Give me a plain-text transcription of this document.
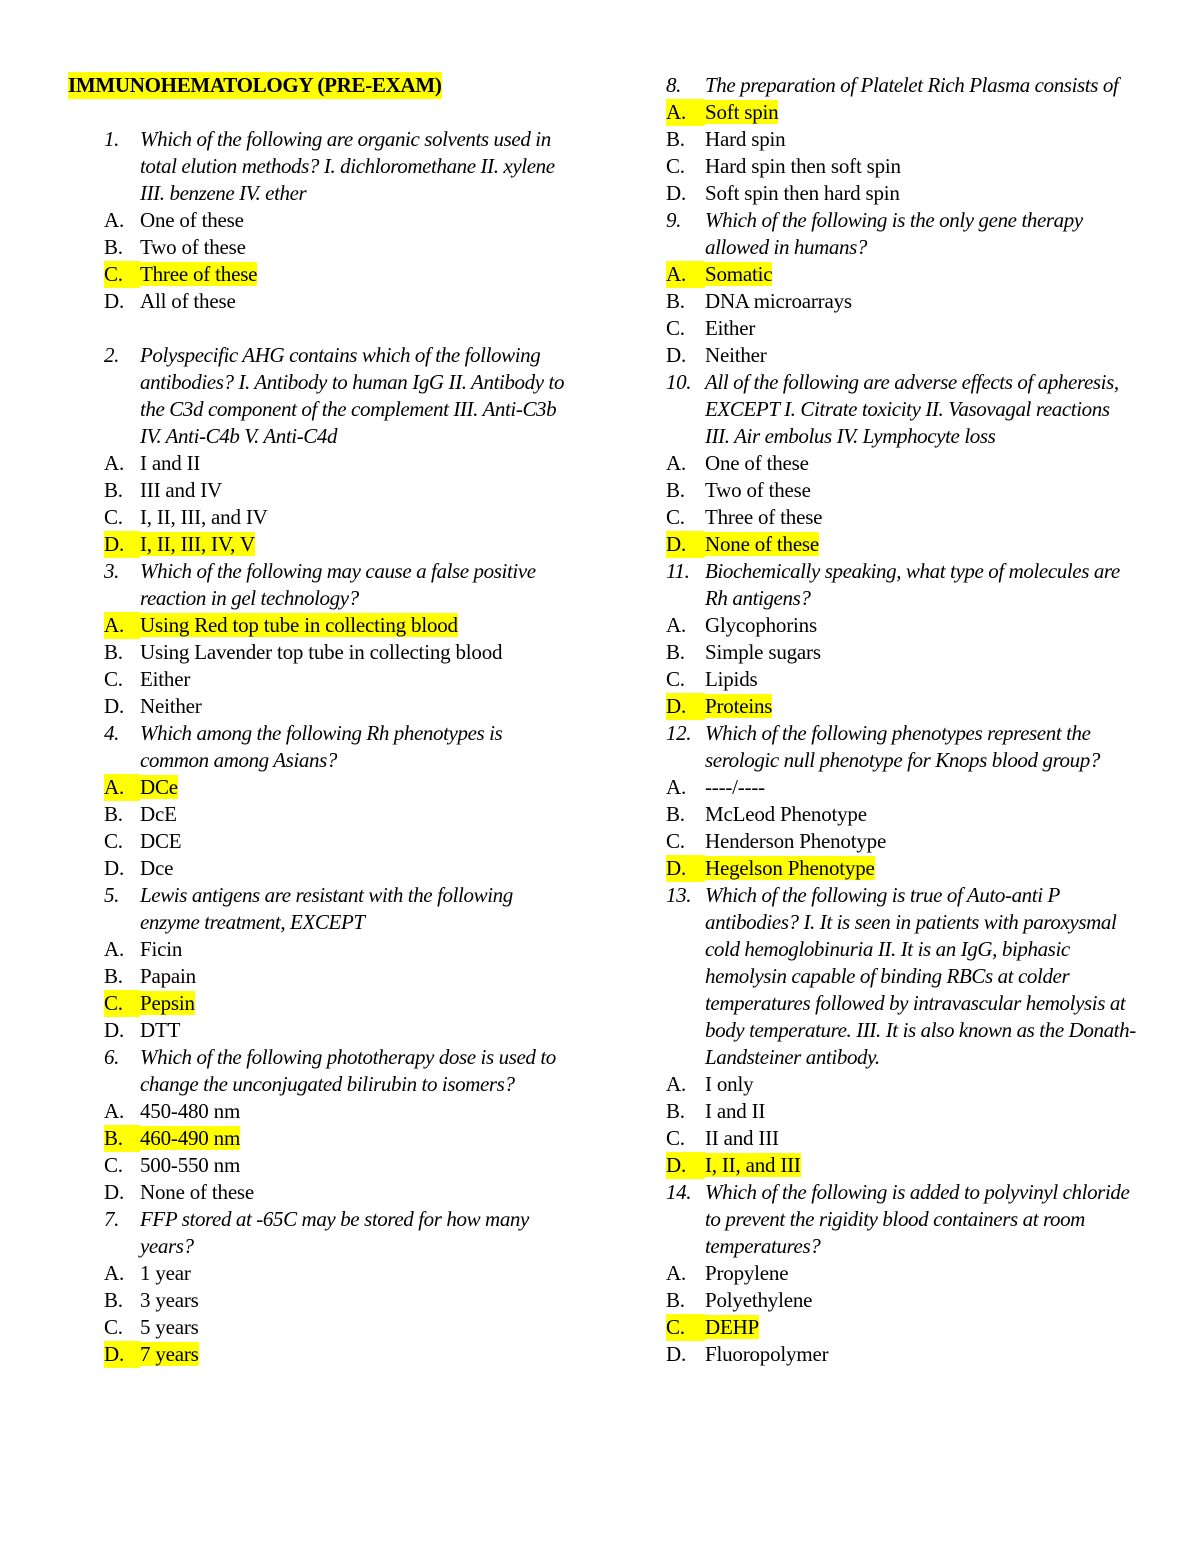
IMMUNOHEMATOLOGY (PRE-EXAM)
1.	Which of the following are organic solvents used in total elution methods? I. dichloromethane II. xylene III. benzene IV. ether
A. One of these
B. Two of these
C. Three of these
D. All of these
2.	Polyspecific AHG contains which of the following antibodies? I. Antibody to human IgG II. Antibody to the C3d component of the complement III. Anti-C3b IV. Anti-C4b V. Anti-C4d
A. I and II
B. III and IV
C. I, II, III, and IV
D. I, II, III, IV, V
3.	Which of the following may cause a false positive reaction in gel technology?
A. Using Red top tube in collecting blood
B. Using Lavender top tube in collecting blood
C. Either
D. Neither
4.	Which among the following Rh phenotypes is common among Asians?
A. DCe
B. DcE
C. DCE
D. Dce
5.	Lewis antigens are resistant with the following enzyme treatment, EXCEPT
A. Ficin
B. Papain
C. Pepsin
D. DTT
6.	Which of the following phototherapy dose is used to change the unconjugated bilirubin to isomers?
A. 450-480 nm
B. 460-490 nm
C. 500-550 nm
D. None of these
7.	FFP stored at -65C may be stored for how many years?
A. 1 year
B. 3 years
C. 5 years
D. 7 years
8.	The preparation of Platelet Rich Plasma consists of
A. Soft spin
B. Hard spin
C. Hard spin then soft spin
D. Soft spin then hard spin
9.	Which of the following is the only gene therapy allowed in humans?
A. Somatic
B. DNA microarrays
C. Either
D. Neither
10. All of the following are adverse effects of apheresis, EXCEPT I. Citrate toxicity II. Vasovagal reactions III. Air embolus IV. Lymphocyte loss
A. One of these
B. Two of these
C. Three of these
D. None of these
11. Biochemically speaking, what type of molecules are Rh antigens?
A. Glycophorins
B. Simple sugars
C. Lipids
D. Proteins
12. Which of the following phenotypes represent the serologic null phenotype for Knops blood group?
A. ----/----
B. McLeod Phenotype
C. Henderson Phenotype
D. Hegelson Phenotype
13. Which of the following is true of Auto-anti P antibodies? I. It is seen in patients with paroxysmal cold hemoglobinuria II. It is an IgG, biphasic hemolysin capable of binding RBCs at colder temperatures followed by intravascular hemolysis at body temperature. III. It is also known as the Donath-Landsteiner antibody.
A. I only
B. I and II
C. II and III
D. I, II, and III
14. Which of the following is added to polyvinyl chloride to prevent the rigidity blood containers at room temperatures?
A. Propylene
B. Polyethylene
C. DEHP
D. Fluoropolymer
